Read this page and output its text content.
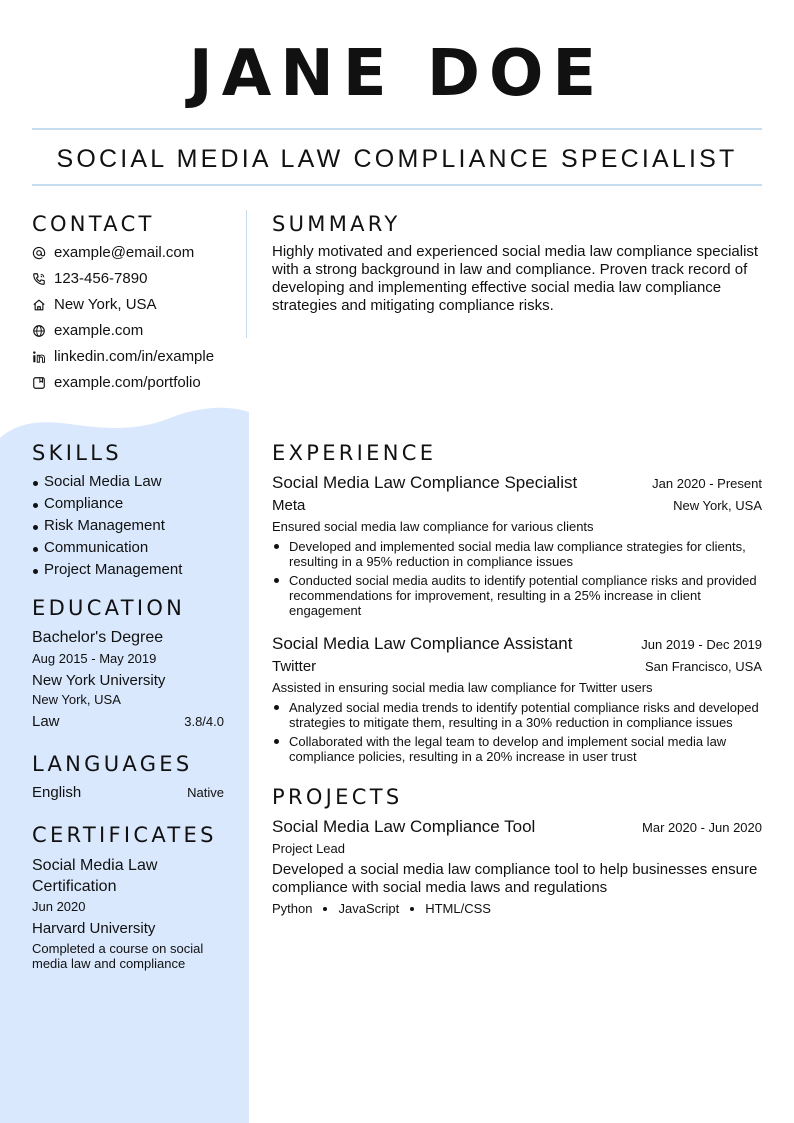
JANE DOE
SOCIAL MEDIA LAW COMPLIANCE SPECIALIST
CONTACT
example@email.com
123-456-7890
New York, USA
example.com
linkedin.com/in/example
example.com/portfolio
SKILLS
Social Media Law
Compliance
Risk Management
Communication
Project Management
EDUCATION
Bachelor's Degree
Aug 2015 - May 2019
New York University
New York, USA
Law	3.8/4.0
LANGUAGES
English	Native
CERTIFICATES
Social Media Law Certification
Jun 2020
Harvard University
Completed a course on social media law and compliance
SUMMARY
Highly motivated and experienced social media law compliance specialist with a strong background in law and compliance. Proven track record of developing and implementing effective social media law compliance strategies and mitigating compliance risks.
EXPERIENCE
Social Media Law Compliance Specialist	Jan 2020 - Present
Meta	New York, USA
Ensured social media law compliance for various clients
Developed and implemented social media law compliance strategies for clients, resulting in a 95% reduction in compliance issues
Conducted social media audits to identify potential compliance risks and provided recommendations for improvement, resulting in a 25% increase in client engagement
Social Media Law Compliance Assistant	Jun 2019 - Dec 2019
Twitter	San Francisco, USA
Assisted in ensuring social media law compliance for Twitter users
Analyzed social media trends to identify potential compliance risks and developed strategies to mitigate them, resulting in a 30% reduction in compliance issues
Collaborated with the legal team to develop and implement social media law compliance policies, resulting in a 20% increase in user trust
PROJECTS
Social Media Law Compliance Tool	Mar 2020 - Jun 2020
Project Lead
Developed a social media law compliance tool to help businesses ensure compliance with social media laws and regulations
Python JavaScript HTML/CSS
